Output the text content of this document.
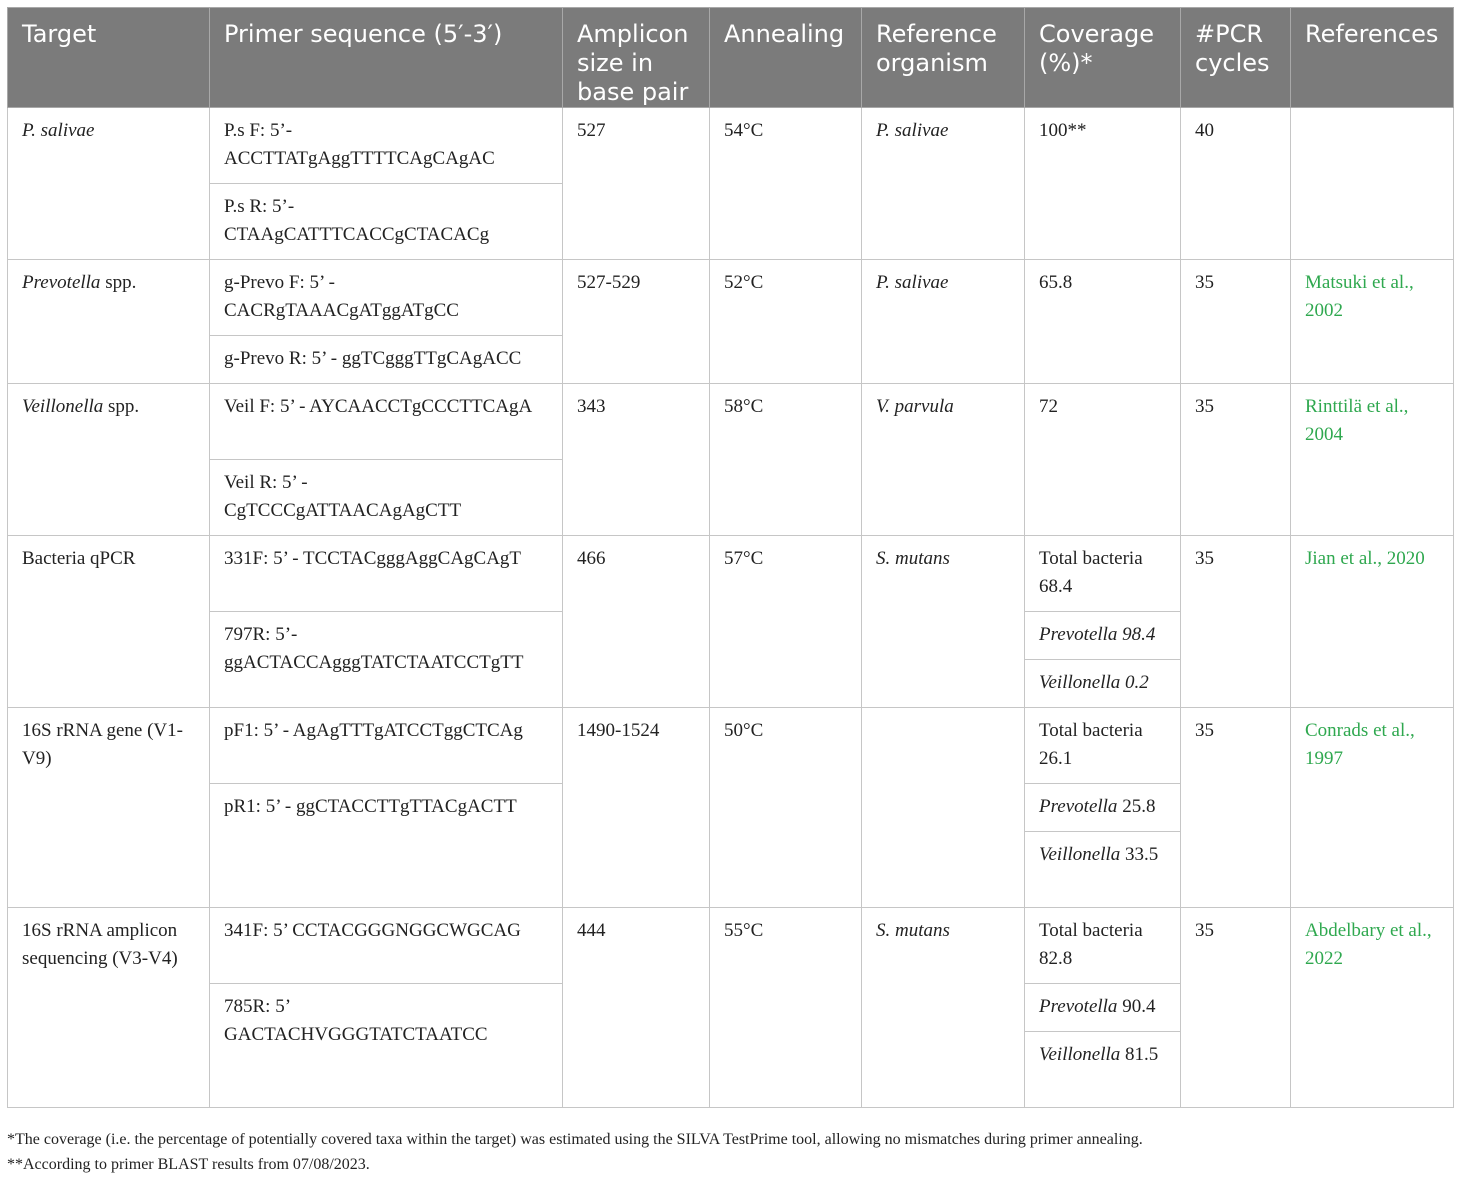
Target	Primer sequence (5′-3′)	Amplicon size in base pair	Annealing	Reference organism	Coverage (%)*	#PCR cycles	References
P. salivae	P.s F: 5’-ACCTTATgAggTTTTCAgCAgAC	527	54°C	P. salivae	100**	40	
	P.s R: 5’-CTAAgCATTTCACCgCTACACg						
Prevotella spp.	g-Prevo F: 5’ - CACRgTAAACgATggATgCC	527-529	52°C	P. salivae	65.8	35	Matsuki et al., 2002
	g-Prevo R: 5’ - ggTCgggTTgCAgACC						
Veillonella spp.	Veil F: 5’ - AYCAACCTgCCCTTCAgA	343	58°C	V. parvula	72	35	Rinttilä et al., 2004
	Veil R: 5’ - CgTCCCgATTAACAgAgCTT						
Bacteria qPCR	331F: 5’ - TCCTACgggAggCAgCAgT	466	57°C	S. mutans	Total bacteria 68.4	35	Jian et al., 2020
	797R: 5’-ggACTACCAgggTATCTAATCCTgTT				Prevotella 98.4		
					Veillonella 0.2		
16S rRNA gene (V1-V9)	pF1: 5’ - AgAgTTTgATCCTggCTCAg	1490-1524	50°C		Total bacteria 26.1	35	Conrads et al., 1997
	pR1: 5’ - ggCTACCTTgTTACgACTT				Prevotella 25.8		
					Veillonella 33.5		
16S rRNA amplicon sequencing (V3-V4)	341F: 5’ CCTACGGGNGGCWGCAG	444	55°C	S. mutans	Total bacteria 82.8	35	Abdelbary et al., 2022
	785R: 5’ GACTACHVGGGTATCTAATCC				Prevotella 90.4		
					Veillonella 81.5		

*The coverage (i.e. the percentage of potentially covered taxa within the target) was estimated using the SILVA TestPrime tool, allowing no mismatches during primer annealing.

**According to primer BLAST results from 07/08/2023.
